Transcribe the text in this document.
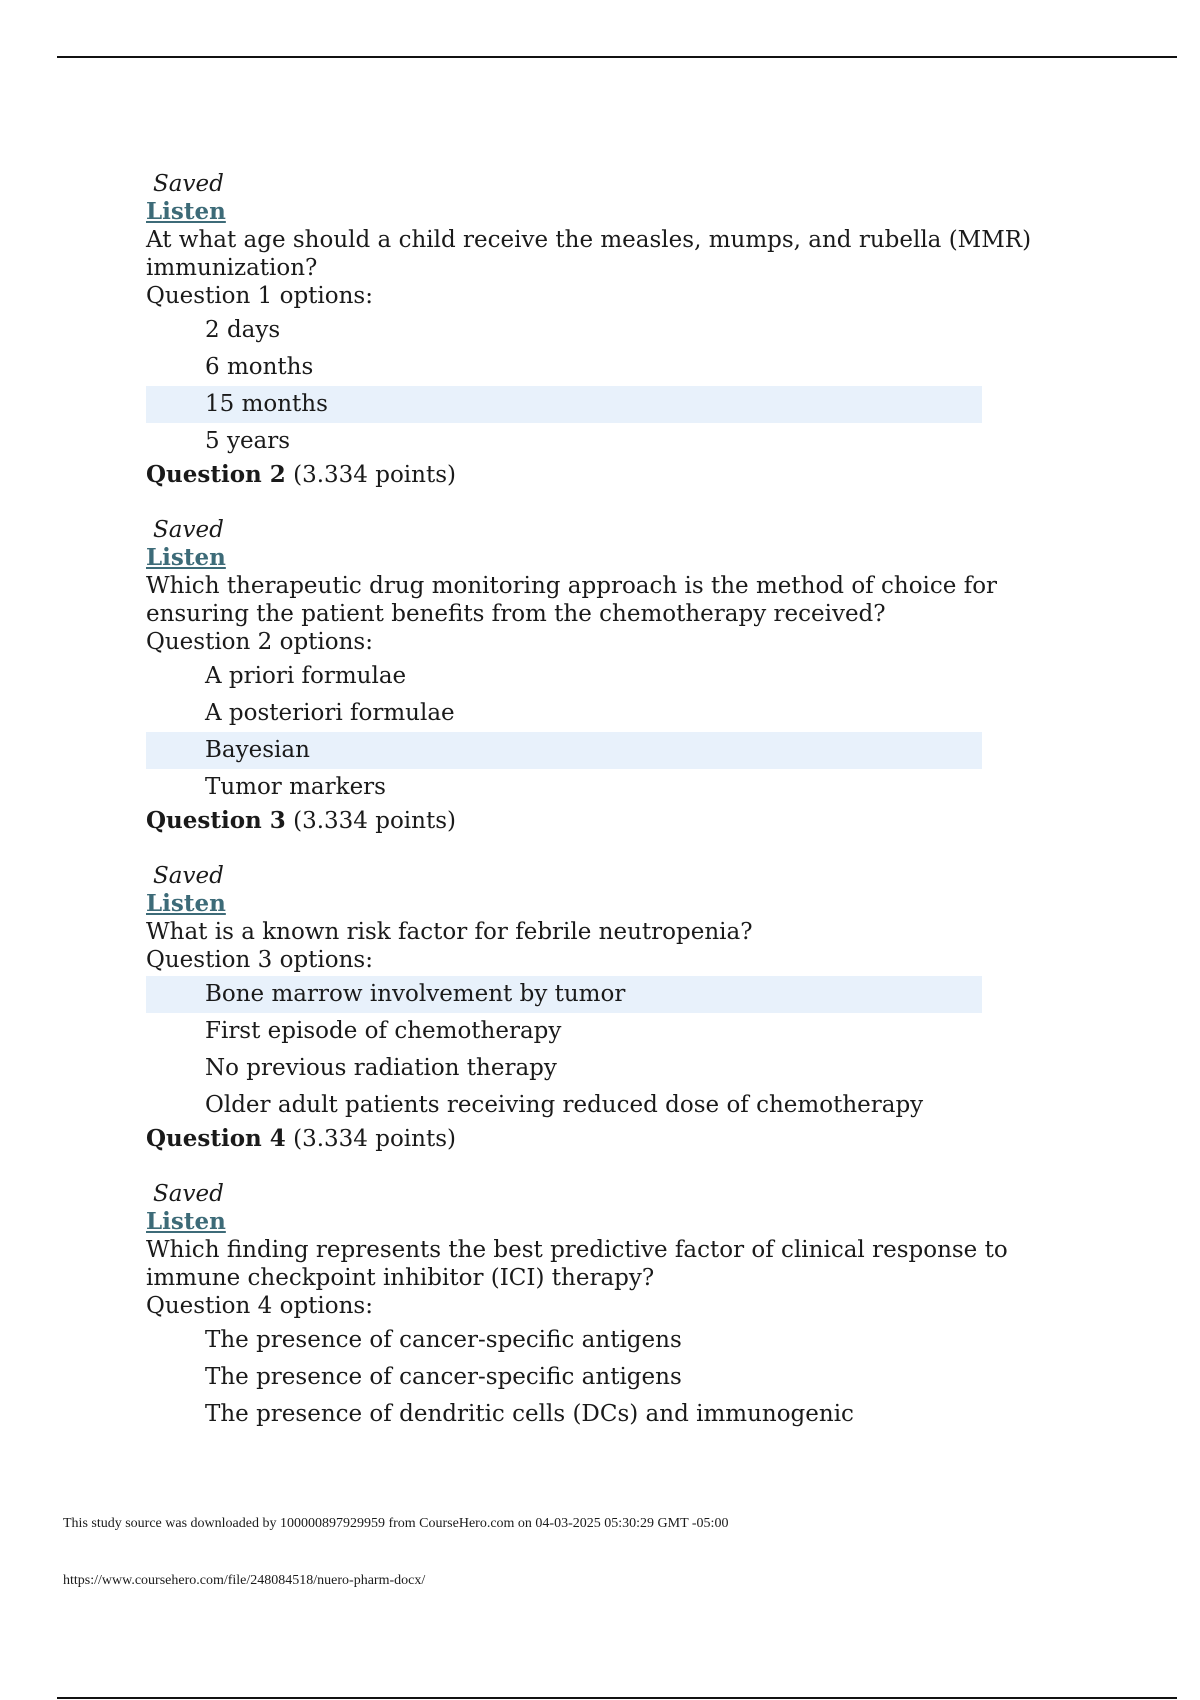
Saved
Listen
At what age should a child receive the measles, mumps, and rubella (MMR) immunization?
Question 1 options:
2 days
6 months
15 months
5 years
Question 2 (3.334 points)
Saved
Listen
Which therapeutic drug monitoring approach is the method of choice for ensuring the patient benefits from the chemotherapy received?
Question 2 options:
A priori formulae
A posteriori formulae
Bayesian
Tumor markers
Question 3 (3.334 points)
Saved
Listen
What is a known risk factor for febrile neutropenia?
Question 3 options:
Bone marrow involvement by tumor
First episode of chemotherapy
No previous radiation therapy
Older adult patients receiving reduced dose of chemotherapy
Question 4 (3.334 points)
Saved
Listen
Which finding represents the best predictive factor of clinical response to immune checkpoint inhibitor (ICI) therapy?
Question 4 options:
The presence of cancer-specific antigens
The presence of cancer-specific antigens
The presence of dendritic cells (DCs) and immunogenic
This study source was downloaded by 100000897929959 from CourseHero.com on 04-03-2025 05:30:29 GMT -05:00
https://www.coursehero.com/file/248084518/nuero-pharm-docx/
